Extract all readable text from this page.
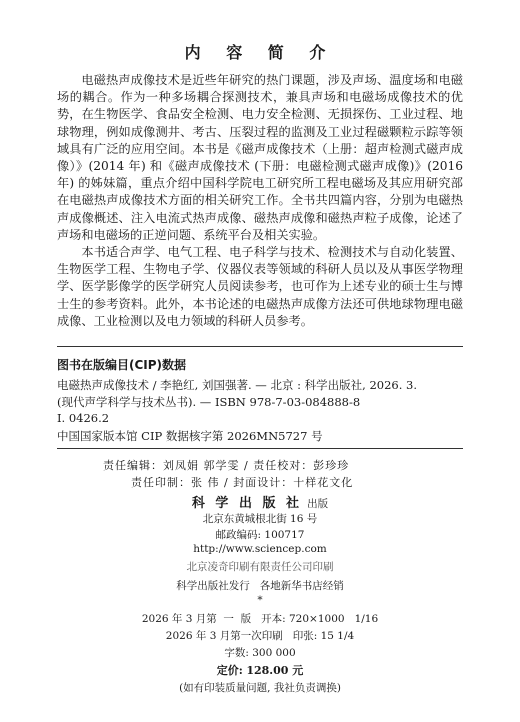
内 容 简 介

电磁热声成像技术是近些年研究的热门课题，涉及声场、温度场和电磁场的耦合。作为一种多场耦合探测技术，兼具声场和电磁场成像技术的优势，在生物医学、食品安全检测、电力安全检测、无损探伤、工业过程、地球物理，例如成像测井、考古、压裂过程的监测及工业过程磁颗粒示踪等领域具有广泛的应用空间。本书是《磁声成像技术（上册：超声检测式磁声成像）》(2014 年) 和《磁声成像技术 (下册：电磁检测式磁声成像)》(2016 年) 的姊妹篇，重点介绍中国科学院电工研究所工程电磁场及其应用研究部在电磁热声成像技术方面的相关研究工作。全书共四篇内容，分别为电磁热声成像概述、注入电流式热声成像、磁热声成像和磁热声粒子成像，论述了声场和电磁场的正逆问题、系统平台及相关实验。

本书适合声学、电气工程、电子科学与技术、检测技术与自动化装置、生物医学工程、生物电子学、仪器仪表等领域的科研人员以及从事医学物理学、医学影像学的医学研究人员阅读参考，也可作为上述专业的硕士生与博士生的参考资料。此外，本书论述的电磁热声成像方法还可供地球物理电磁成像、工业检测以及电力领域的科研人员参考。

图书在版编目(CIP)数据
电磁热声成像技术 / 李艳红, 刘国强著. — 北京 : 科学出版社, 2026. 3.
(现代声学科学与技术丛书). — ISBN 978-7-03-084888-8
Ⅰ. 0426.2
中国国家版本馆 CIP 数据核字第 2026MN5727 号
责任编辑：刘凤娟 郭学雯 / 责任校对：彭珍珍
责任印制：张 伟 / 封面设计：十样花文化
科 学 出 版 社 出版
北京东黄城根北街 16 号
邮政编码: 100717
http://www.sciencep.com
北京凌奇印刷有限责任公司印刷
科学出版社发行   各地新华书店经销
*
2026 年 3 月第  一  版   开本: 720×1000   1/16
2026 年 3 月第一次印刷   印张: 15 1/4
字数: 300 000
定价: 128.00 元
(如有印装质量问题, 我社负责调换)
